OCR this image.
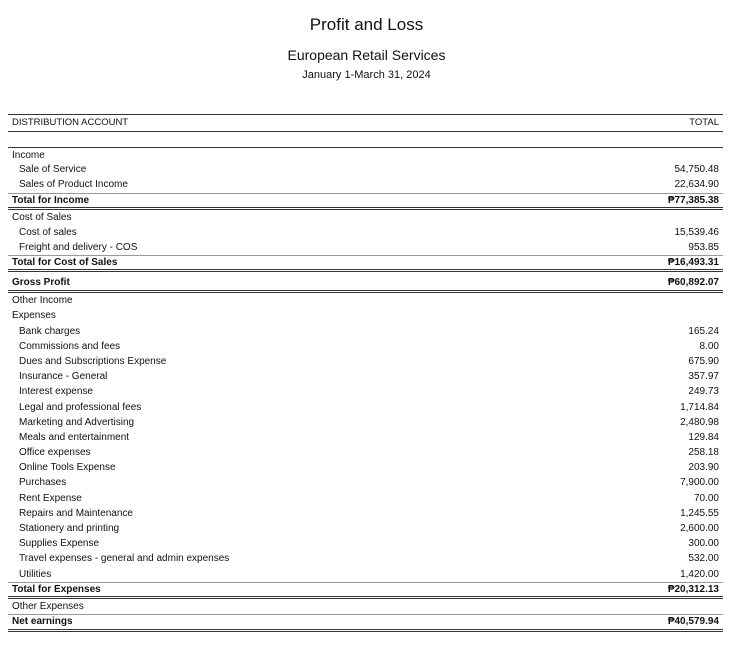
Profit and Loss
European Retail Services
January 1-March 31, 2024
DISTRIBUTION ACCOUNT	TOTAL
Income
Sale of Service	54,750.48
Sales of Product Income	22,634.90
Total for Income	₱77,385.38
Cost of Sales
Cost of sales	15,539.46
Freight and delivery - COS	953.85
Total for Cost of Sales	₱16,493.31
Gross Profit	₱60,892.07
Other Income
Expenses
Bank charges	165.24
Commissions and fees	8.00
Dues and Subscriptions Expense	675.90
Insurance - General	357.97
Interest expense	249.73
Legal and professional fees	1,714.84
Marketing and Advertising	2,480.98
Meals and entertainment	129.84
Office expenses	258.18
Online Tools Expense	203.90
Purchases	7,900.00
Rent Expense	70.00
Repairs and Maintenance	1,245.55
Stationery and printing	2,600.00
Supplies Expense	300.00
Travel expenses - general and admin expenses	532.00
Utilities	1,420.00
Total for Expenses	₱20,312.13
Other Expenses
Net earnings	₱40,579.94
